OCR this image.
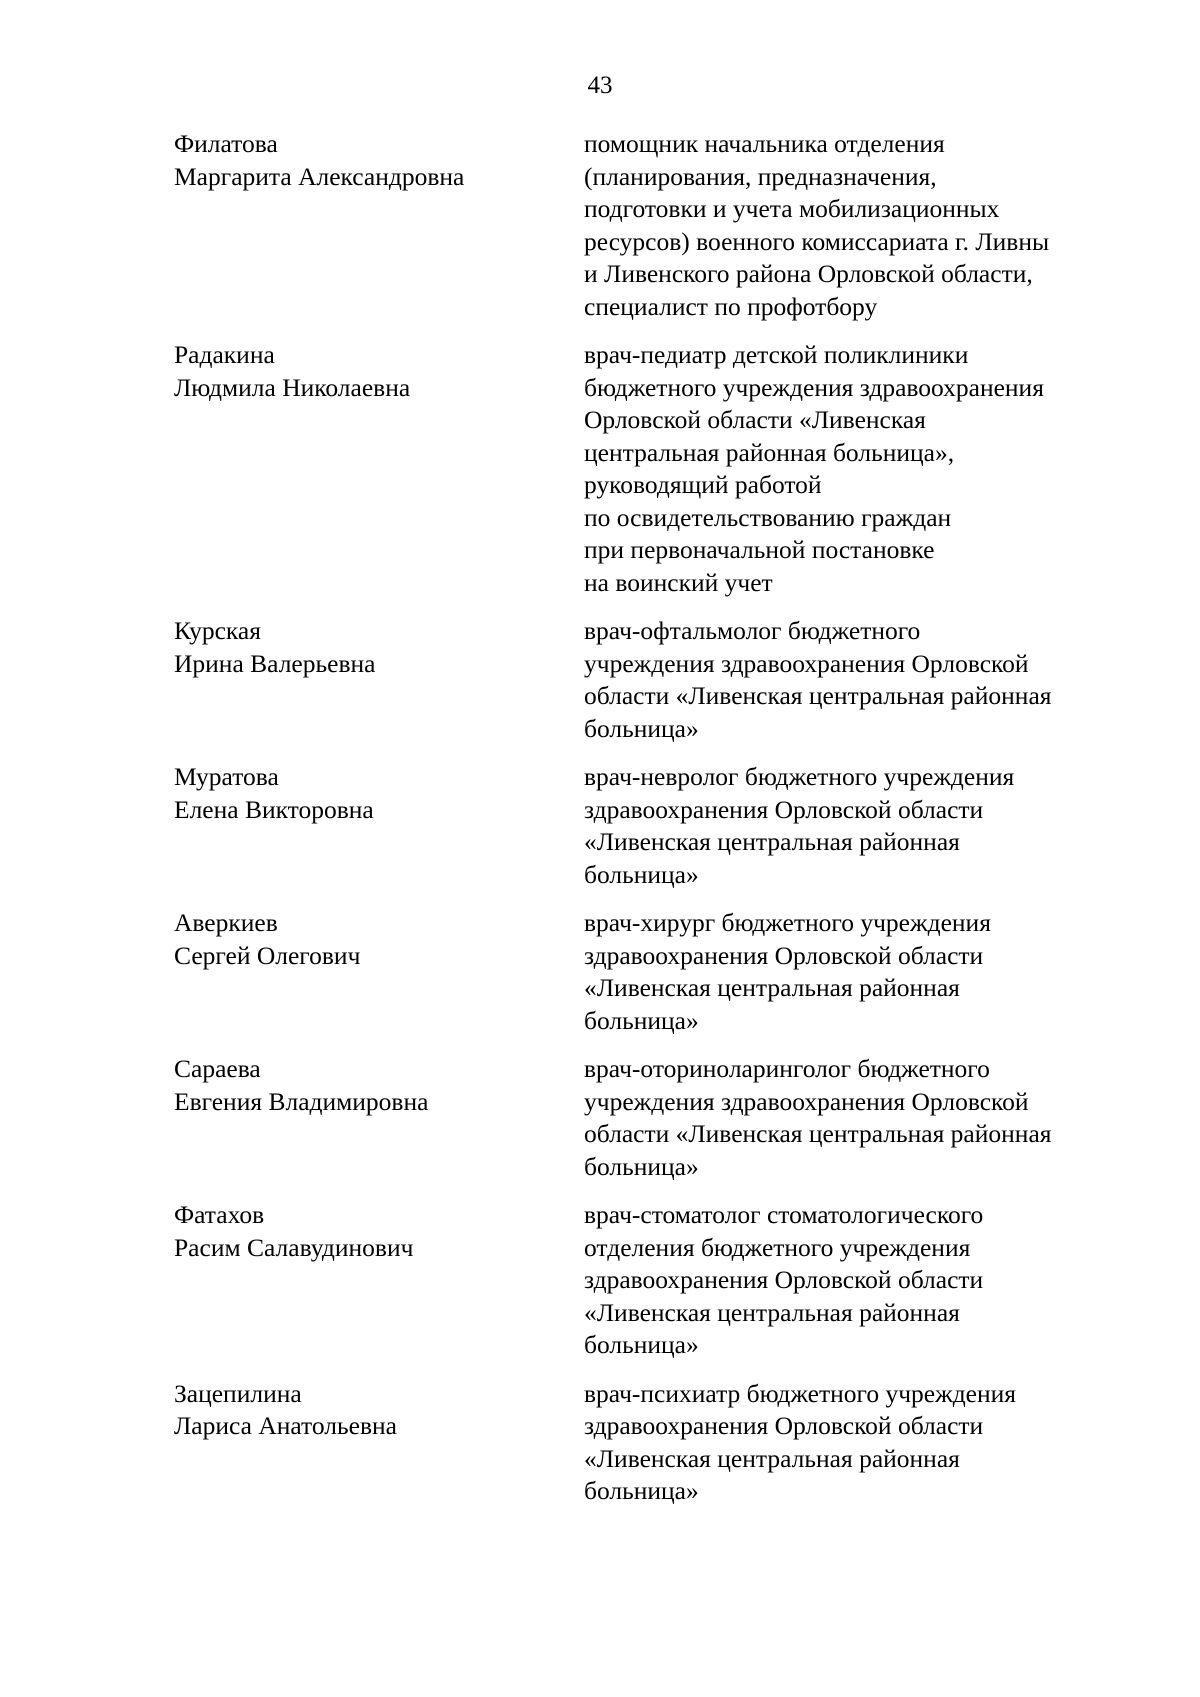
43
Филатова
Маргарита Александровна
помощник начальника отделения
(планирования, предназначения,
подготовки и учета мобилизационных
ресурсов) военного комиссариата г. Ливны
и Ливенского района Орловской области,
специалист по профотбору
Радакина
Людмила Николаевна
врач-педиатр детской поликлиники
бюджетного учреждения здравоохранения
Орловской области «Ливенская
центральная районная больница»,
руководящий работой
по освидетельствованию граждан
при первоначальной постановке
на воинский учет
Курская
Ирина Валерьевна
врач-офтальмолог бюджетного
учреждения здравоохранения Орловской
области «Ливенская центральная районная
больница»
Муратова
Елена Викторовна
врач-невролог бюджетного учреждения
здравоохранения Орловской области
«Ливенская центральная районная
больница»
Аверкиев
Сергей Олегович
врач-хирург бюджетного учреждения
здравоохранения Орловской области
«Ливенская центральная районная
больница»
Сараева
Евгения Владимировна
врач-оториноларинголог бюджетного
учреждения здравоохранения Орловской
области «Ливенская центральная районная
больница»
Фатахов
Расим Салавудинович
врач-стоматолог стоматологического
отделения бюджетного учреждения
здравоохранения Орловской области
«Ливенская центральная районная
больница»
Зацепилина
Лариса Анатольевна
врач-психиатр бюджетного учреждения
здравоохранения Орловской области
«Ливенская центральная районная
больница»
